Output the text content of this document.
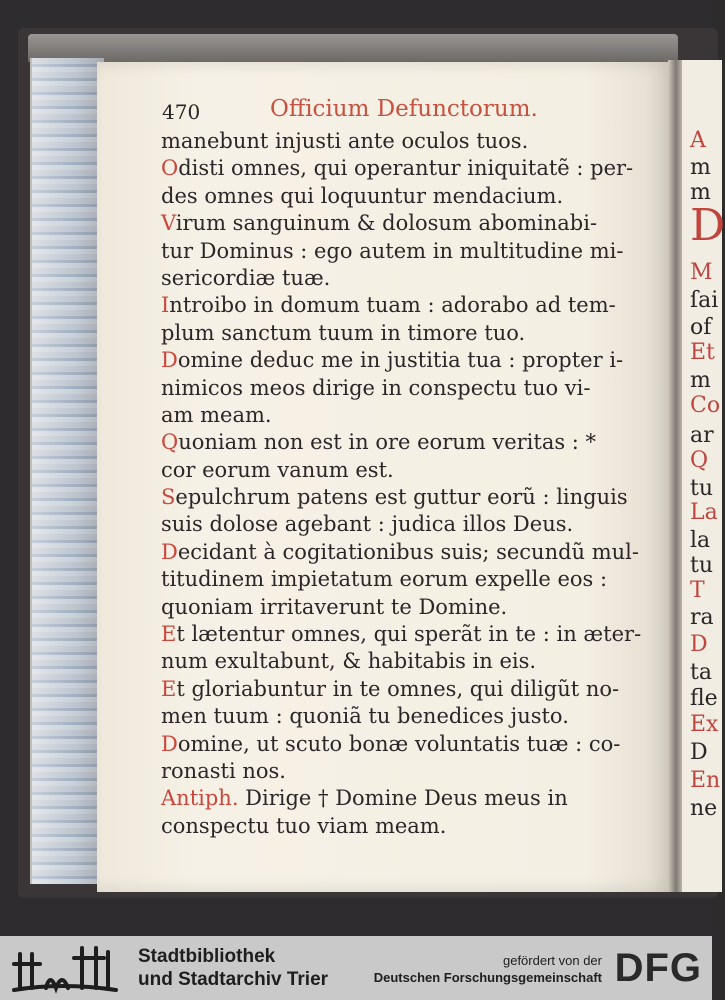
A
m
m
D
M
ſai
of
Et
m
Co
ar
Q
tu
La
la
tu
T
ra
D
ta
fle
Ex
D
En
ne
470	Officium Defunctorum.
manebunt injusti ante oculos tuos.
Odisti omnes, qui operantur iniquitatẽ : per-
des omnes qui loquuntur mendacium.
Virum sanguinum & dolosum abominabi-
tur Dominus : ego autem in multitudine mi-
sericordiæ tuæ.
Introibo in domum tuam : adorabo ad tem-
plum sanctum tuum in timore tuo.
Domine deduc me in justitia tua : propter i-
nimicos meos dirige in conspectu tuo vi-
am meam.
Quoniam non est in ore eorum veritas : *
cor eorum vanum est.
Sepulchrum patens est guttur eorũ : linguis
suis dolose agebant : judica illos Deus.
Decidant à cogitationibus suis; secundũ mul-
titudinem impietatum eorum expelle eos :
quoniam irritaverunt te Domine.
Et lætentur omnes, qui sperãt in te : in æter-
num exultabunt, & habitabis in eis.
Et gloriabuntur in te omnes, qui diligũt no-
men tuum : quoniã tu benedices justo.
Domine, ut scuto bonæ voluntatis tuæ : co-
ronasti nos.
Antiph. Dirige † Domine Deus meus in
conspectu tuo viam meam.
Stadtbibliothek
und Stadtarchiv Trier
gefördert von der
Deutschen Forschungsgemeinschaft DFG
